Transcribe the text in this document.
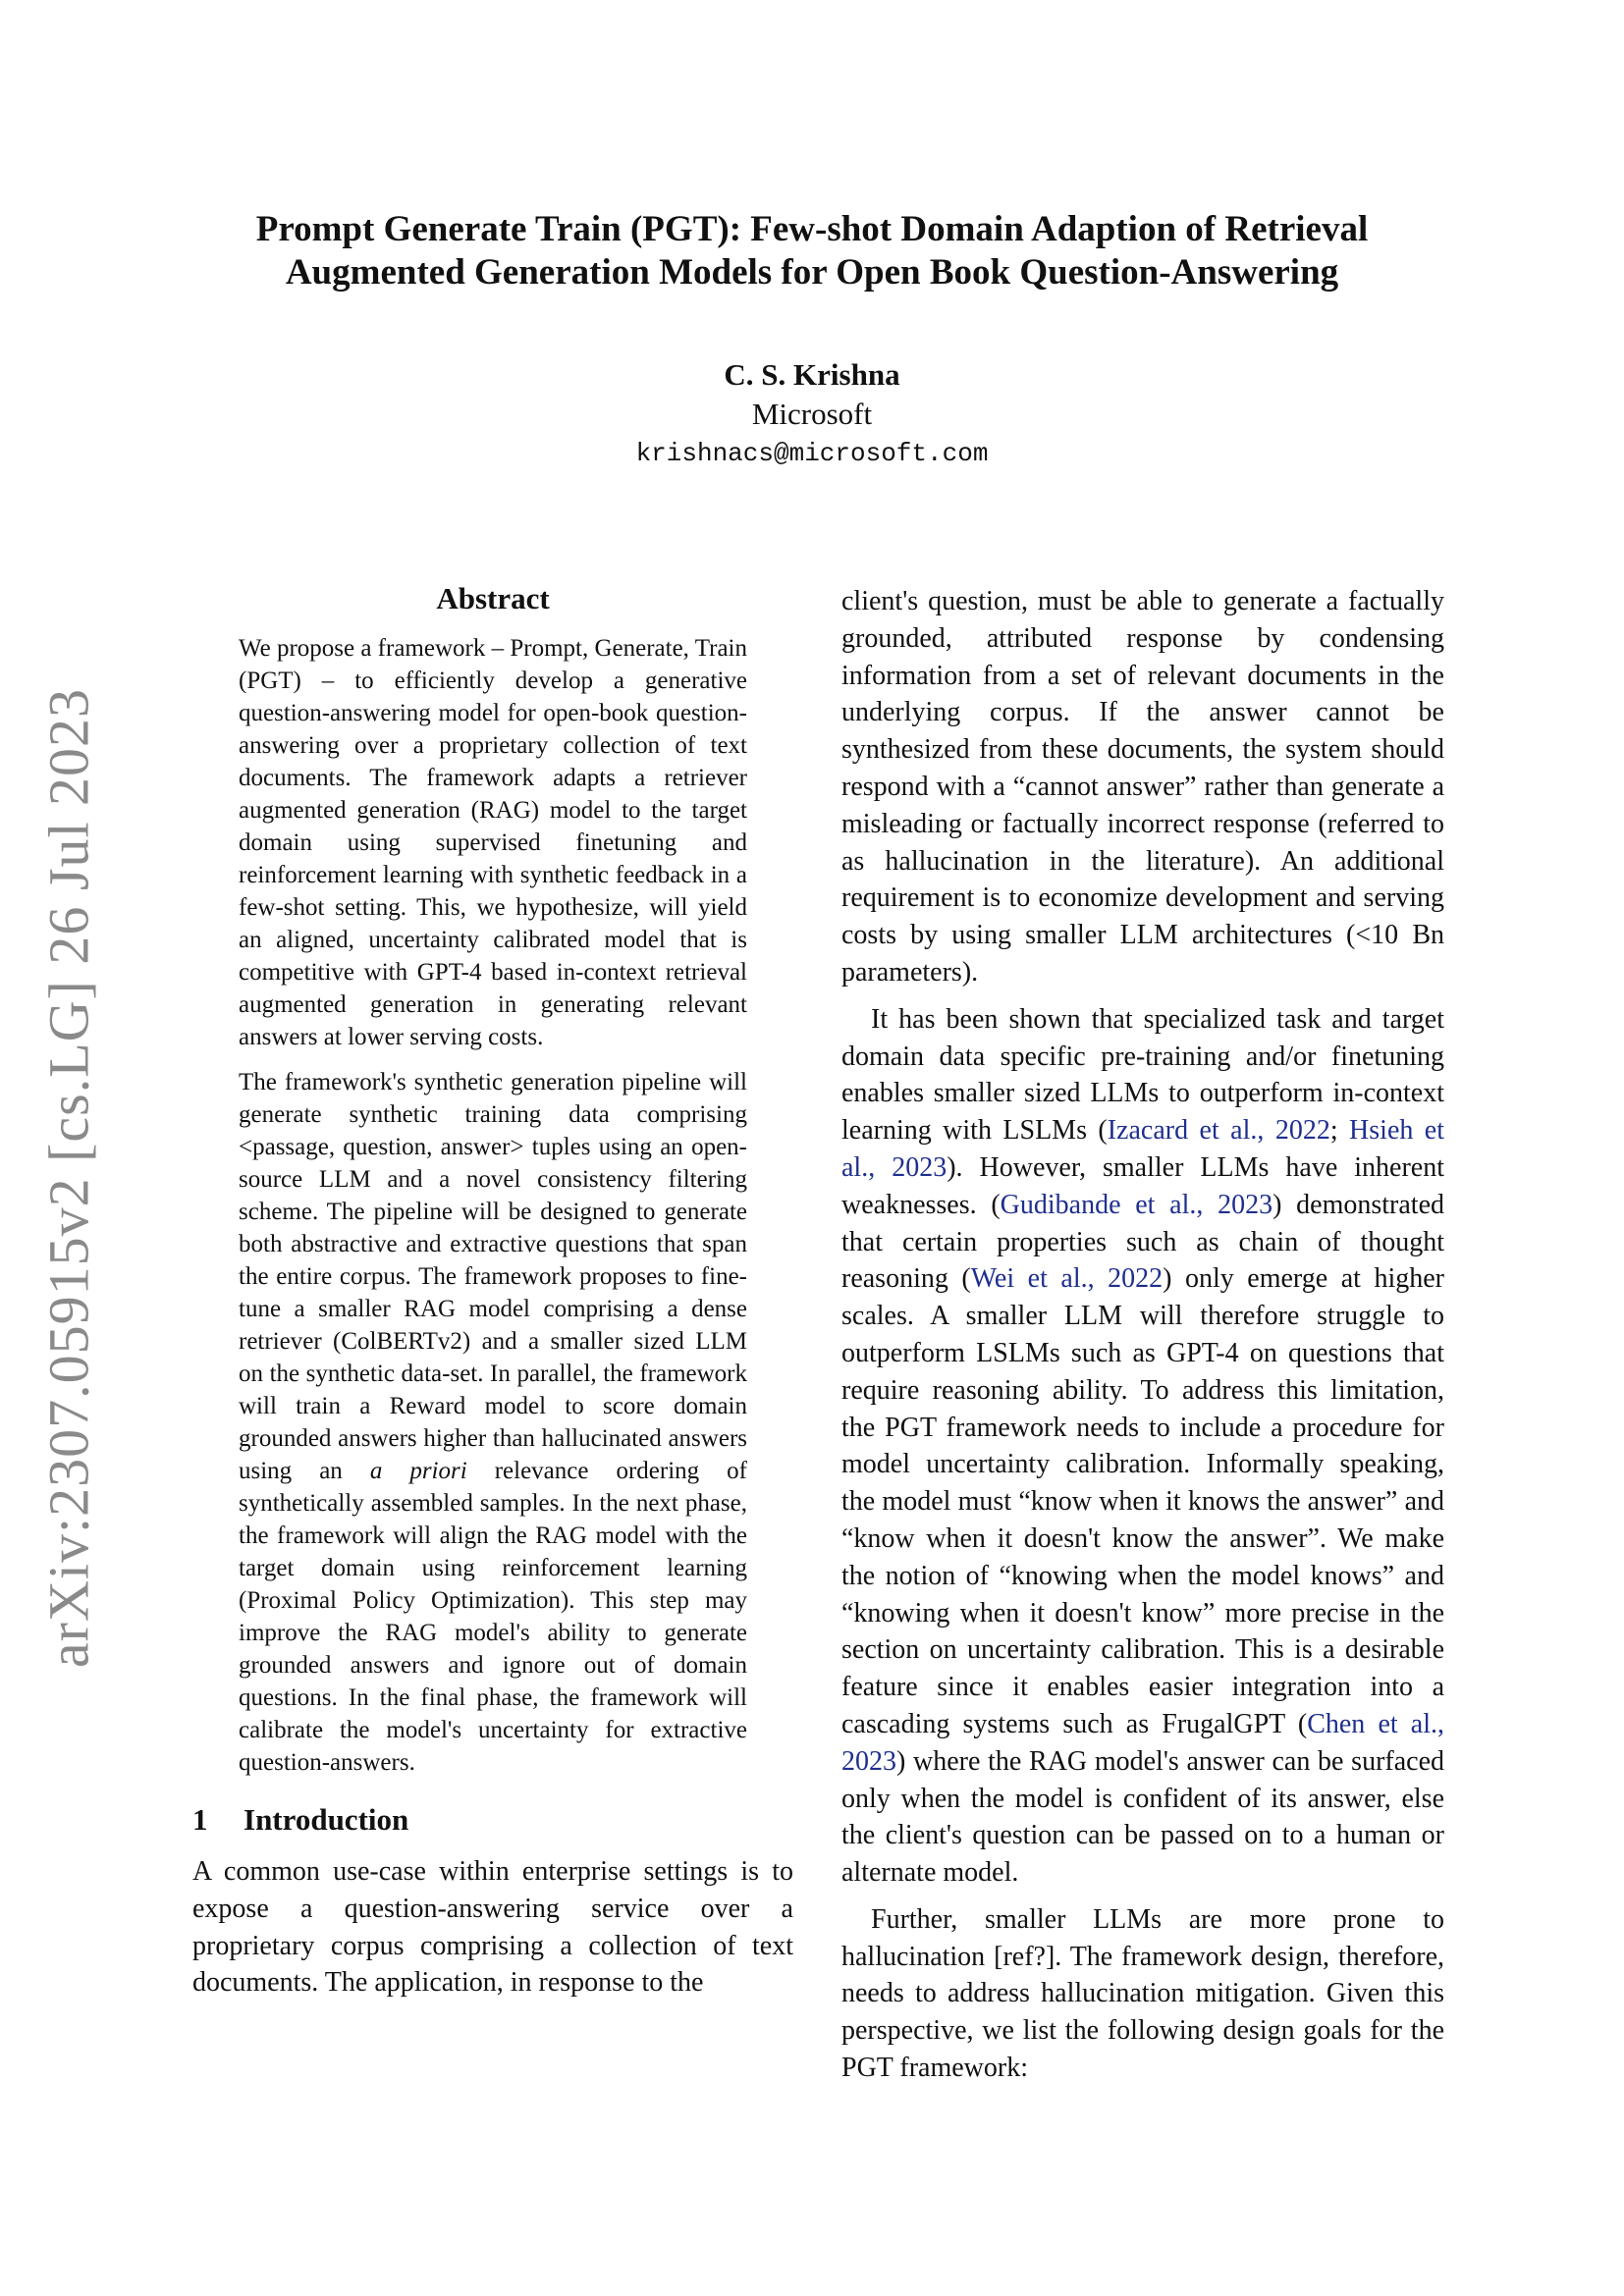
Prompt Generate Train (PGT): Few-shot Domain Adaption of Retrieval
Augmented Generation Models for Open Book Question-Answering
C. S. Krishna
Microsoft
krishnacs@microsoft.com
arXiv:2307.05915v2 [cs.LG] 26 Jul 2023
Abstract

We propose a framework – Prompt, Generate, Train (PGT) – to efficiently develop a generative question-answering model for open-book question-answering over a proprietary collection of text documents. The framework adapts a retriever augmented generation (RAG) model to the target domain using supervised finetuning and reinforcement learning with synthetic feedback in a few-shot setting. This, we hypothesize, will yield an aligned, uncertainty calibrated model that is competitive with GPT-4 based in-context retrieval augmented generation in generating relevant answers at lower serving costs.

The framework's synthetic generation pipeline will generate synthetic training data comprising <passage, question, answer> tuples using an open-source LLM and a novel consistency filtering scheme. The pipeline will be designed to generate both abstractive and extractive questions that span the entire corpus. The framework proposes to fine-tune a smaller RAG model comprising a dense retriever (ColBERTv2) and a smaller sized LLM on the synthetic data-set. In parallel, the framework will train a Reward model to score domain grounded answers higher than hallucinated answers using an a priori relevance ordering of synthetically assembled samples. In the next phase, the framework will align the RAG model with the target domain using reinforcement learning (Proximal Policy Optimization). This step may improve the RAG model's ability to generate grounded answers and ignore out of domain questions. In the final phase, the framework will calibrate the model's uncertainty for extractive question-answers.

1 Introduction

A common use-case within enterprise settings is to expose a question-answering service over a proprietary corpus comprising a collection of text documents. The application, in response to the

client's question, must be able to generate a factually grounded, attributed response by condensing information from a set of relevant documents in the underlying corpus. If the answer cannot be synthesized from these documents, the system should respond with a “cannot answer” rather than generate a misleading or factually incorrect response (referred to as hallucination in the literature). An additional requirement is to economize development and serving costs by using smaller LLM architectures (<10 Bn parameters).

It has been shown that specialized task and target domain data specific pre-training and/or finetuning enables smaller sized LLMs to outperform in-context learning with LSLMs (Izacard et al., 2022; Hsieh et al., 2023). However, smaller LLMs have inherent weaknesses. (Gudibande et al., 2023) demonstrated that certain properties such as chain of thought reasoning (Wei et al., 2022) only emerge at higher scales. A smaller LLM will therefore struggle to outperform LSLMs such as GPT-4 on questions that require reasoning ability. To address this limitation, the PGT framework needs to include a procedure for model uncertainty calibration. Informally speaking, the model must “know when it knows the answer” and “know when it doesn't know the answer”. We make the notion of “knowing when the model knows” and “knowing when it doesn't know” more precise in the section on uncertainty calibration. This is a desirable feature since it enables easier integration into a cascading systems such as FrugalGPT (Chen et al., 2023) where the RAG model's answer can be surfaced only when the model is confident of its answer, else the client's question can be passed on to a human or alternate model.

Further, smaller LLMs are more prone to hallucination [ref?]. The framework design, therefore, needs to address hallucination mitigation. Given this perspective, we list the following design goals for the PGT framework:
